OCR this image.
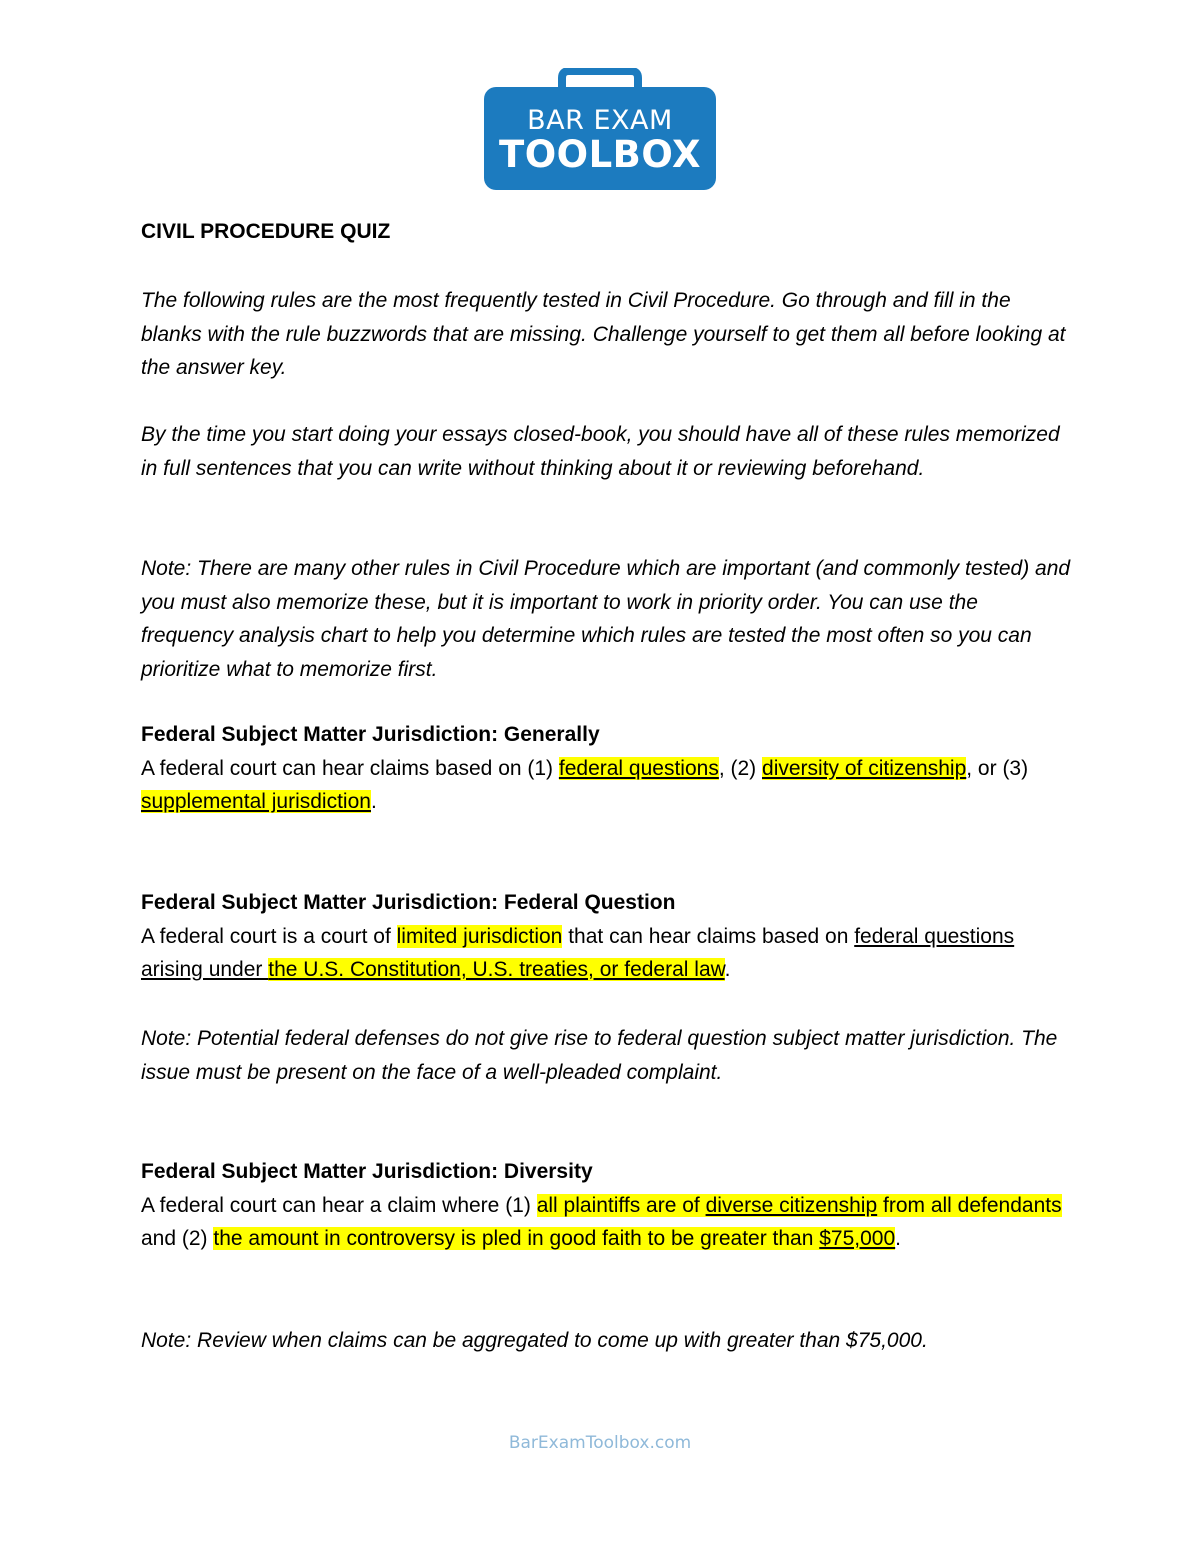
BAR EXAM
TOOLBOX
CIVIL PROCEDURE QUIZ

The following rules are the most frequently tested in Civil Procedure. Go through and fill in the blanks with the rule buzzwords that are missing. Challenge yourself to get them all before looking at the answer key.

By the time you start doing your essays closed-book, you should have all of these rules memorized in full sentences that you can write without thinking about it or reviewing beforehand.

Note: There are many other rules in Civil Procedure which are important (and commonly tested) and you must also memorize these, but it is important to work in priority order. You can use the frequency analysis chart to help you determine which rules are tested the most often so you can prioritize what to memorize first.

Federal Subject Matter Jurisdiction: Generally
A federal court can hear claims based on (1) federal questions, (2) diversity of citizenship, or (3) supplemental jurisdiction.
Federal Subject Matter Jurisdiction: Federal Question
A federal court is a court of limited jurisdiction that can hear claims based on federal questions arising under the U.S. Constitution, U.S. treaties, or federal law.

Note: Potential federal defenses do not give rise to federal question subject matter jurisdiction. The issue must be present on the face of a well-pleaded complaint.

Federal Subject Matter Jurisdiction: Diversity
A federal court can hear a claim where (1) all plaintiffs are of diverse citizenship from all defendants and (2) the amount in controversy is pled in good faith to be greater than $75,000.

Note: Review when claims can be aggregated to come up with greater than $75,000.

BarExamToolbox.com
